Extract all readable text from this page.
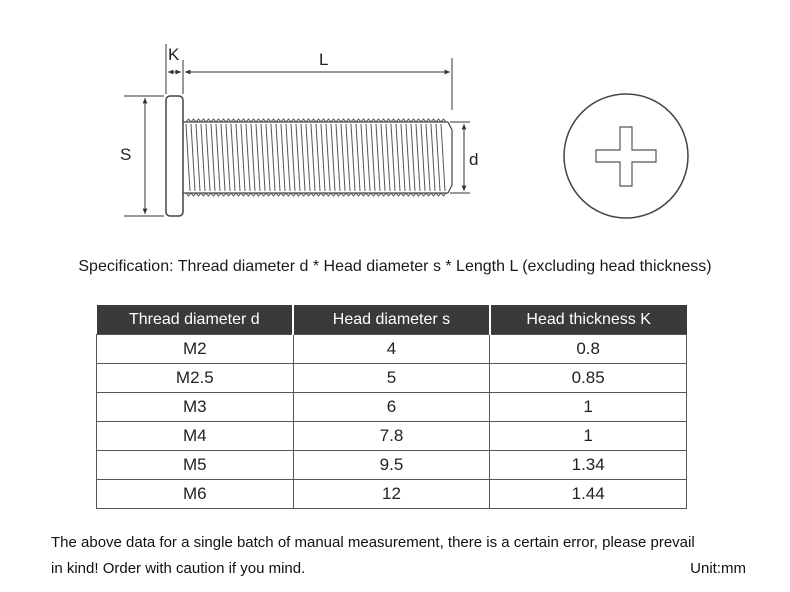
K	L
S	d
Specification: Thread diameter d * Head diameter s * Length L (excluding head thickness)
Thread diameter d	Head diameter s	Head thickness K
M2	4	0.8
M2.5	5	0.85
M3	6	1
M4	7.8	1
M5	9.5	1.34
M6	12	1.44
The above data for a single batch of manual measurement, there is a certain error, please prevail
in kind! Order with caution if you mind.	Unit:mm
